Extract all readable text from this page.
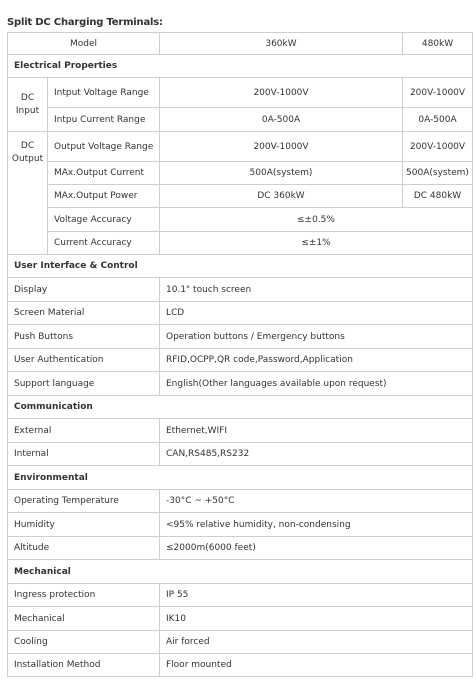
Split DC Charging Terminals:
Model		360kW	480kW
Electrical Properties			
DC Input	Intput Voltage Range	200V-1000V	200V-1000V
	Intpu Current Range	0A-500A	0A-500A
DC Output	Output Voltage Range	200V-1000V	200V-1000V
	MAx.Output Current	500A(system)	500A(system)
	MAx.Output Power	DC 360kW	DC 480kW
	Voltage Accuracy	≤±0.5%	
	Current Accuracy	≤±1%	
User Interface & Control			
Display		10.1" touch screen	
Screen Material		LCD	
Push Buttons		Operation buttons / Emergency buttons	
User Authentication		RFID,OCPP,QR code,Password,Application	
Support language		English(Other languages available upon request)	
Communication			
External		Ethernet,WIFI	
Internal		CAN,RS485,RS232	
Environmental			
Operating Temperature		-30°C ~ +50°C	
Humidity		<95% relative humidity, non-condensing	
Altitude		≤2000m(6000 feet)	
Mechanical			
Ingress protection		IP 55	
Mechanical		IK10	
Cooling		Air forced	
Installation Method		Floor mounted	
